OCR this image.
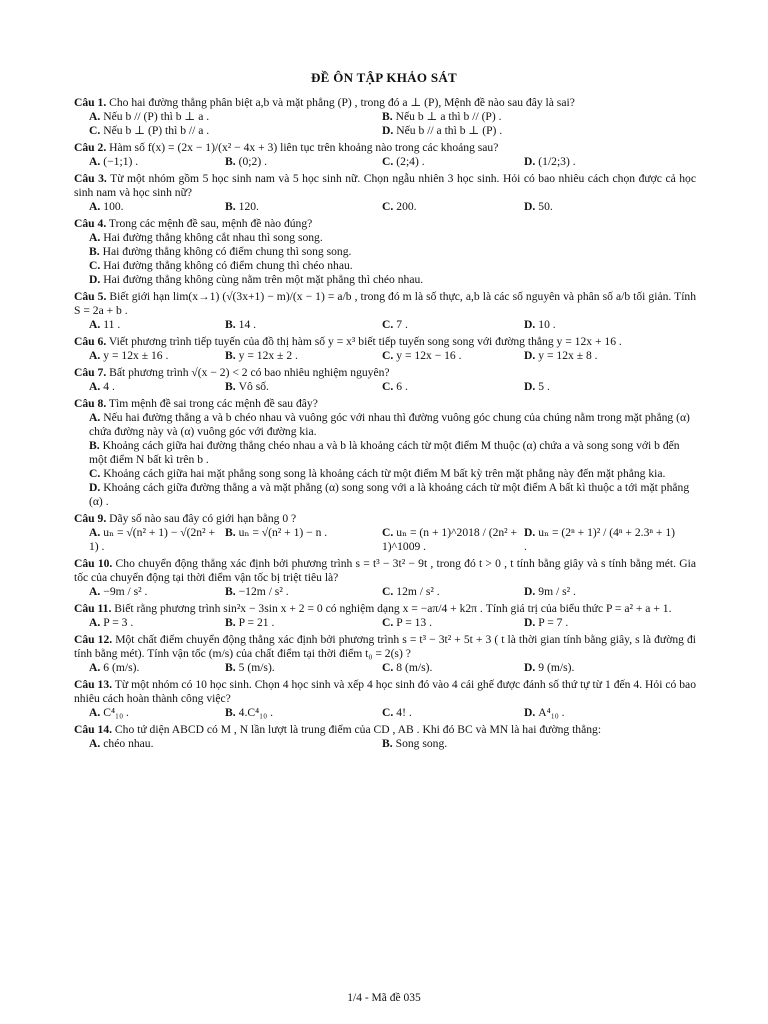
ĐỀ ÔN TẬP KHẢO SÁT
Câu 1. Cho hai đường thẳng phân biệt a,b và mặt phẳng (P) , trong đó a ⊥ (P), Mệnh đề nào sau đây là sai?
A. Nếu b // (P) thì b ⊥ a .	B. Nếu b ⊥ a thì b // (P) .
C. Nếu b ⊥ (P) thì b // a .	D. Nếu b // a thì b ⊥ (P) .
Câu 2. Hàm số f(x) = (2x − 1)/(x² − 4x + 3) liên tục trên khoảng nào trong các khoảng sau?
A. (−1;1) .	B. (0;2) .	C. (2;4) .	D. (1/2;3) .
Câu 3. Từ một nhóm gồm 5 học sinh nam và 5 học sinh nữ. Chọn ngẫu nhiên 3 học sinh. Hỏi có bao nhiêu cách chọn được cả học sinh nam và học sinh nữ?
A. 100.	B. 120.	C. 200.	D. 50.
Câu 4. Trong các mệnh đề sau, mệnh đề nào đúng?
A. Hai đường thẳng không cắt nhau thì song song.
B. Hai đường thẳng không có điểm chung thì song song.
C. Hai đường thẳng không có điểm chung thì chéo nhau.
D. Hai đường thẳng không cùng nằm trên một mặt phẳng thì chéo nhau.
Câu 5. Biết giới hạn lim(x→1) (√(3x+1) − m)/(x − 1) = a/b , trong đó m là số thực, a,b là các số nguyên và phân số a/b tối giản. Tính S = 2a + b .
A. 11 .	B. 14 .	C. 7 .	D. 10 .
Câu 6. Viết phương trình tiếp tuyến của đồ thị hàm số y = x³ biết tiếp tuyến song song với đường thẳng y = 12x + 16 .
A. y = 12x ± 16 .	B. y = 12x ± 2 .	C. y = 12x − 16 .	D. y = 12x ± 8 .
Câu 7. Bất phương trình √(x − 2) < 2 có bao nhiêu nghiệm nguyên?
A. 4 .	B. Vô số.	C. 6 .	D. 5 .
Câu 8. Tìm mệnh đề sai trong các mệnh đề sau đây?
A. Nếu hai đường thẳng a và b chéo nhau và vuông góc với nhau thì đường vuông góc chung của chúng nằm trong mặt phẳng (α) chứa đường này và (α) vuông góc với đường kia.
B. Khoảng cách giữa hai đường thẳng chéo nhau a và b là khoảng cách từ một điểm M thuộc (α) chứa a và song song với b đến một điểm N bất kì trên b .
C. Khoảng cách giữa hai mặt phẳng song song là khoảng cách từ một điểm M bất kỳ trên mặt phẳng này đến mặt phẳng kia.
D. Khoảng cách giữa đường thẳng a và mặt phẳng (α) song song với a là khoảng cách từ một điểm A bất kì thuộc a tới mặt phẳng (α) .
Câu 9. Dãy số nào sau đây có giới hạn bằng 0 ?
A. uₙ = √(n² + 1) − √(2n² + 1) .
B. uₙ = √(n² + 1) − n .	C. uₙ = (n + 1)^2018 / (2n² + 1)^1009 .
D. uₙ = (2ⁿ + 1)² / (4ⁿ + 2.3ⁿ + 1) .
Câu 10. Cho chuyển động thẳng xác định bởi phương trình s = t³ − 3t² − 9t , trong đó t > 0 , t tính bằng giây và s tính bằng mét. Gia tốc của chuyển động tại thời điểm vận tốc bị triệt tiêu là?
A. −9m / s² .	B. −12m / s² .	C. 12m / s² .	D. 9m / s² .
Câu 11. Biết rằng phương trình sin²x − 3sin x + 2 = 0 có nghiệm dạng x = −aπ/4 + k2π . Tính giá trị của biểu thức P = a² + a + 1.
A. P = 3 .	B. P = 21 .	C. P = 13 .	D. P = 7 .
Câu 12. Một chất điểm chuyển động thẳng xác định bởi phương trình s = t³ − 3t² + 5t + 3 ( t là thời gian tính bằng giây, s là đường đi tính bằng mét). Tính vận tốc (m/s) của chất điểm tại thời điểm t₀ = 2(s) ?
A. 6 (m/s).	B. 5 (m/s).	C. 8 (m/s).	D. 9 (m/s).
Câu 13. Từ một nhóm có 10 học sinh. Chọn 4 học sinh và xếp 4 học sinh đó vào 4 cái ghế được đánh số thứ tự từ 1 đến 4. Hỏi có bao nhiêu cách hoàn thành công việc?
A. C⁴₁₀ .	B. 4.C⁴₁₀ .	C. 4! .	D. A⁴₁₀ .
Câu 14. Cho tứ diện ABCD có M , N lần lượt là trung điểm của CD , AB . Khi đó BC và MN là hai đường thẳng:
A. chéo nhau.	B. Song song.
1/4 - Mã đề 035
